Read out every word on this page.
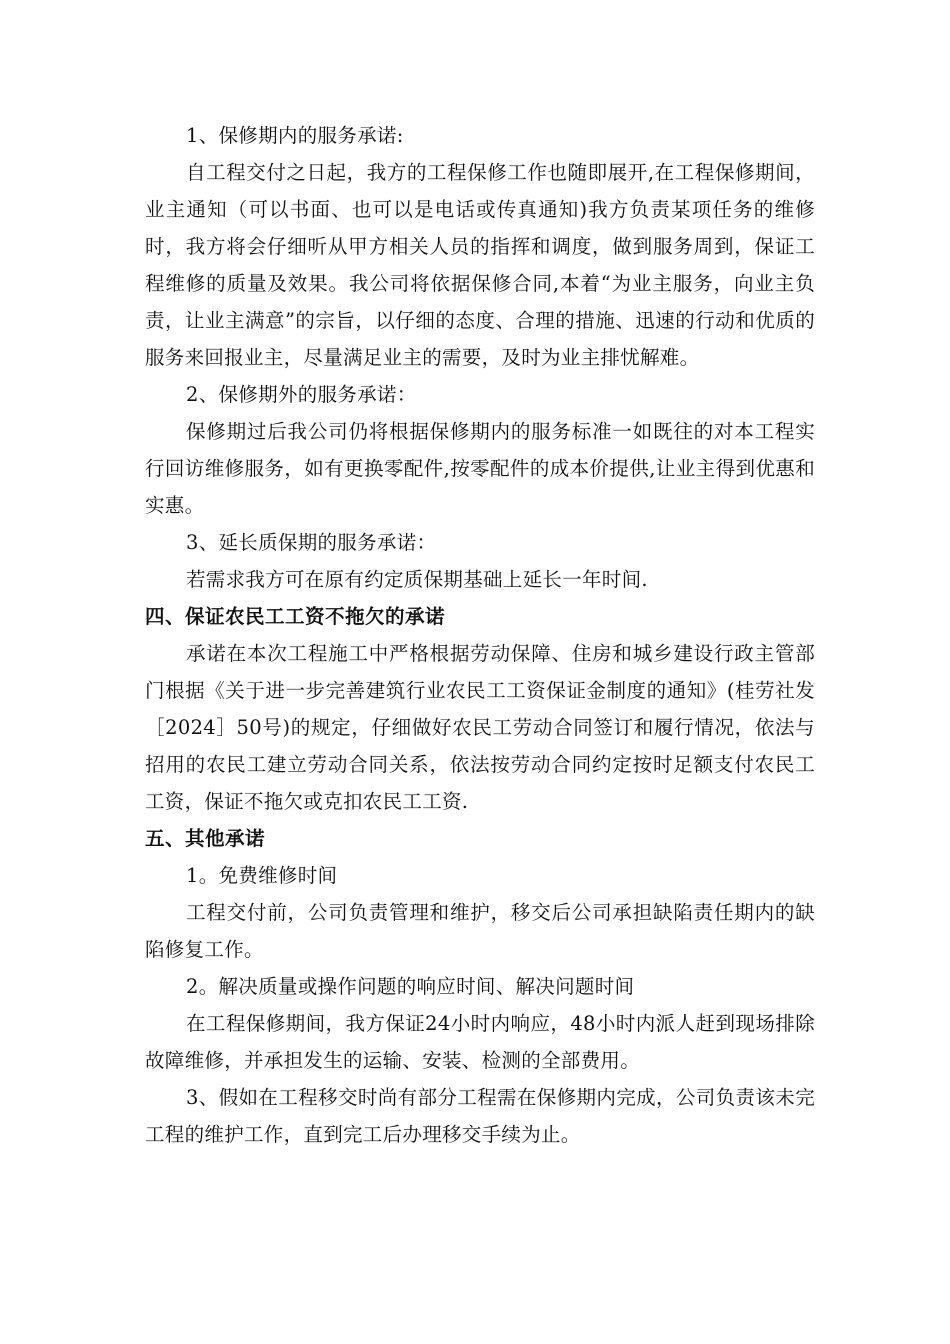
1、保修期内的服务承诺:

自工程交付之日起，我方的工程保修工作也随即展开,在工程保修期间，业主通知（可以书面、也可以是电话或传真通知)我方负责某项任务的维修时，我方将会仔细听从甲方相关人员的指挥和调度，做到服务周到，保证工程维修的质量及效果。我公司将依据保修合同,本着“为业主服务，向业主负责，让业主满意”的宗旨，以仔细的态度、合理的措施、迅速的行动和优质的服务来回报业主，尽量满足业主的需要，及时为业主排忧解难。

2、保修期外的服务承诺：

保修期过后我公司仍将根据保修期内的服务标准一如既往的对本工程实行回访维修服务，如有更换零配件,按零配件的成本价提供,让业主得到优惠和实惠。

3、延长质保期的服务承诺：

若需求我方可在原有约定质保期基础上延长一年时间.

四、保证农民工工资不拖欠的承诺

承诺在本次工程施工中严格根据劳动保障、住房和城乡建设行政主管部门根据《关于进一步完善建筑行业农民工工资保证金制度的通知》(桂劳社发［2024］50号)的规定，仔细做好农民工劳动合同签订和履行情况，依法与招用的农民工建立劳动合同关系，依法按劳动合同约定按时足额支付农民工工资，保证不拖欠或克扣农民工工资.

五、其他承诺

1。免费维修时间

工程交付前，公司负责管理和维护，移交后公司承担缺陷责任期内的缺陷修复工作。

2。解决质量或操作问题的响应时间、解决问题时间

在工程保修期间，我方保证24小时内响应，48小时内派人赶到现场排除故障维修，并承担发生的运输、安装、检测的全部费用。

3、假如在工程移交时尚有部分工程需在保修期内完成，公司负责该未完工程的维护工作，直到完工后办理移交手续为止。
